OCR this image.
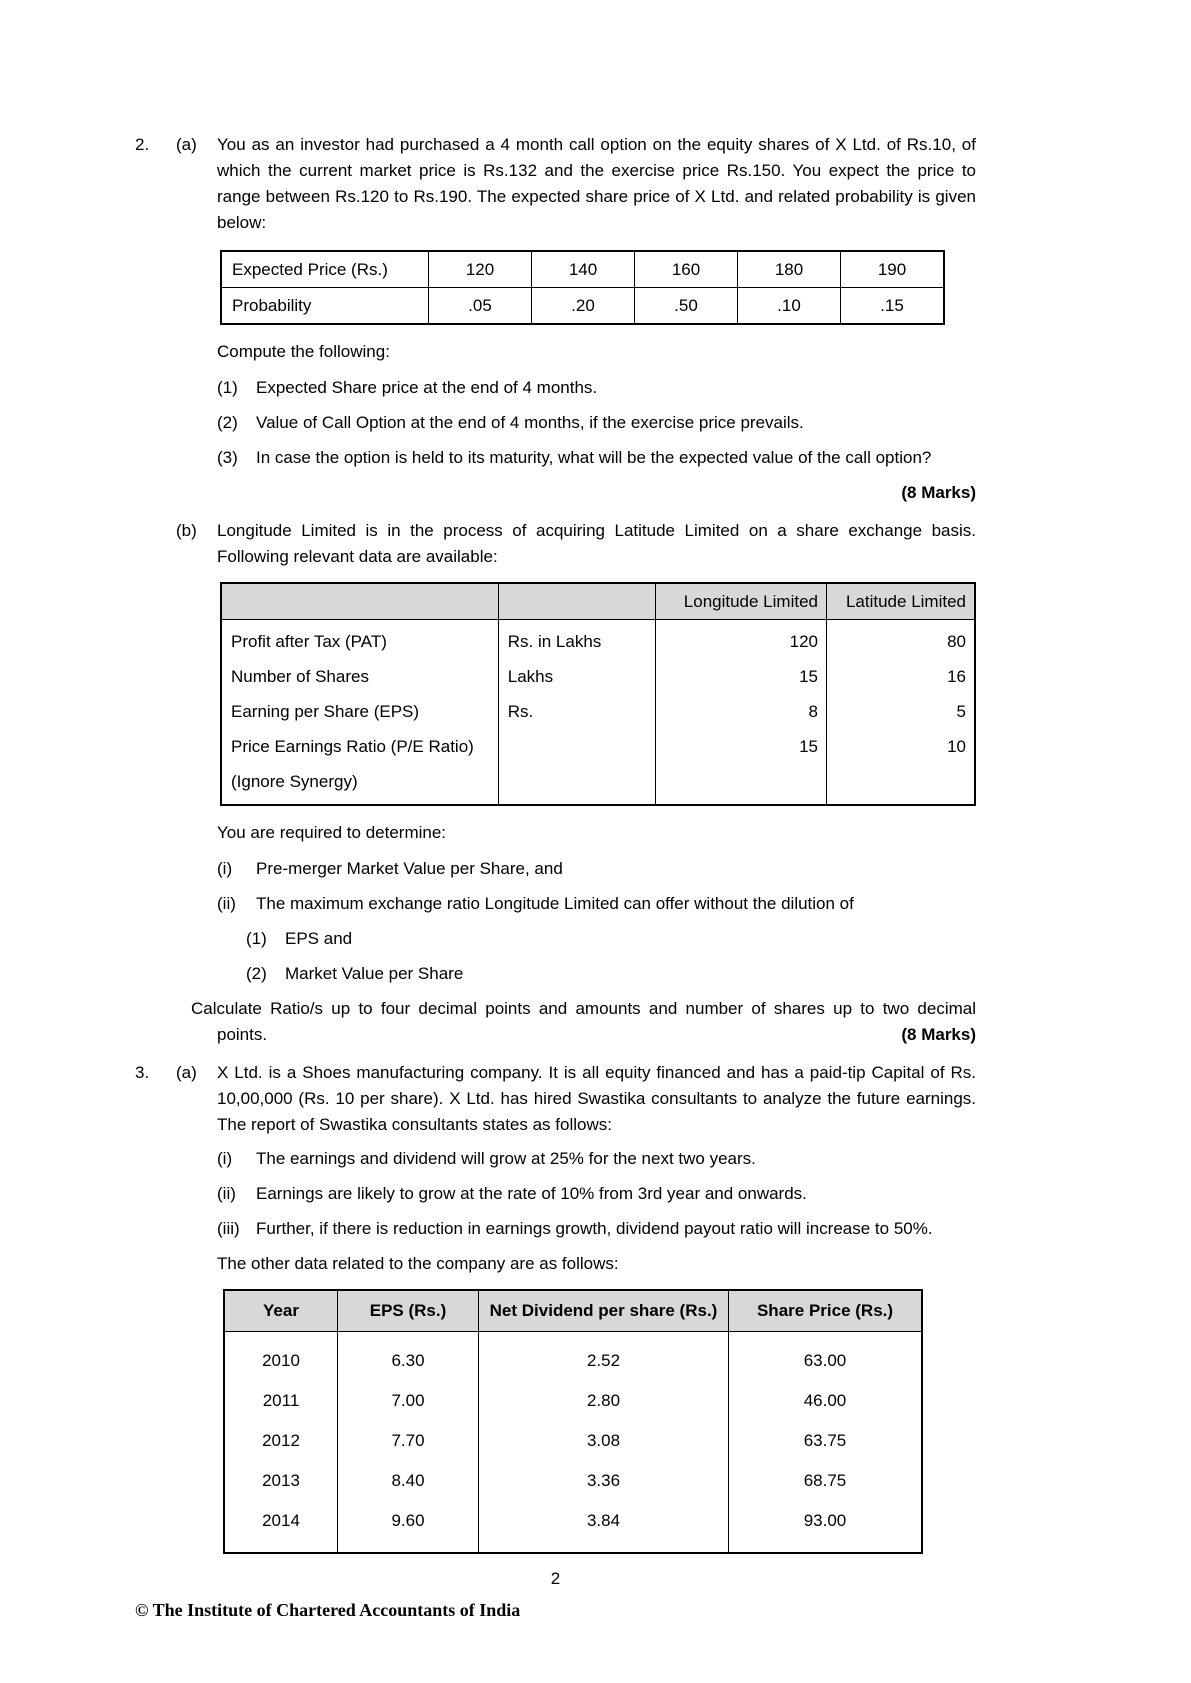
2.	(a)	You as an investor had purchased a 4 month call option on the equity shares of X Ltd. of Rs.10, of which the current market price is Rs.132 and the exercise price Rs.150. You expect the price to range between Rs.120 to Rs.190. The expected share price of X Ltd. and related probability is given below:

Expected Price (Rs.)	120	140	160	180	190
Probability	.05	.20	.50	.10	.15
Compute the following:
(1)	Expected Share price at the end of 4 months.
(2)	Value of Call Option at the end of 4 months, if the exercise price prevails.
(3)	In case the option is held to its maturity, what will be the expected value of the call option?
(8 Marks)
(b)	Longitude Limited is in the process of acquiring Latitude Limited on a share exchange basis. Following relevant data are available:

		Longitude Limited	Latitude Limited
Profit after Tax (PAT)	Rs. in Lakhs	120	80
Number of Shares	Lakhs	15	16
Earning per Share (EPS)	Rs.	8	5
Price Earnings Ratio (P/E Ratio)		15	10
(Ignore Synergy)			
You are required to determine:
(i)	Pre-merger Market Value per Share, and
(ii)	The maximum exchange ratio Longitude Limited can offer without the dilution of
(1)	EPS and
(2)	Market Value per Share
Calculate Ratio/s up to four decimal points and amounts and number of shares up to two decimal
points.	(8 Marks)
3.	(a)	X Ltd. is a Shoes manufacturing company. It is all equity financed and has a paid-tip Capital of Rs. 10,00,000 (Rs. 10 per share). X Ltd. has hired Swastika consultants to analyze the future earnings. The report of Swastika consultants states as follows:

(i)	The earnings and dividend will grow at 25% for the next two years.
(ii)	Earnings are likely to grow at the rate of 10% from 3rd year and onwards.
(iii) Further, if there is reduction in earnings growth, dividend payout ratio will increase to 50%.
The other data related to the company are as follows:
Year	EPS (Rs.)	Net Dividend per share (Rs.)	Share Price (Rs.)
2010	6.30	2.52	63.00
2011	7.00	2.80	46.00
2012	7.70	3.08	63.75
2013	8.40	3.36	68.75
2014	9.60	3.84	93.00
2
© The Institute of Chartered Accountants of India
